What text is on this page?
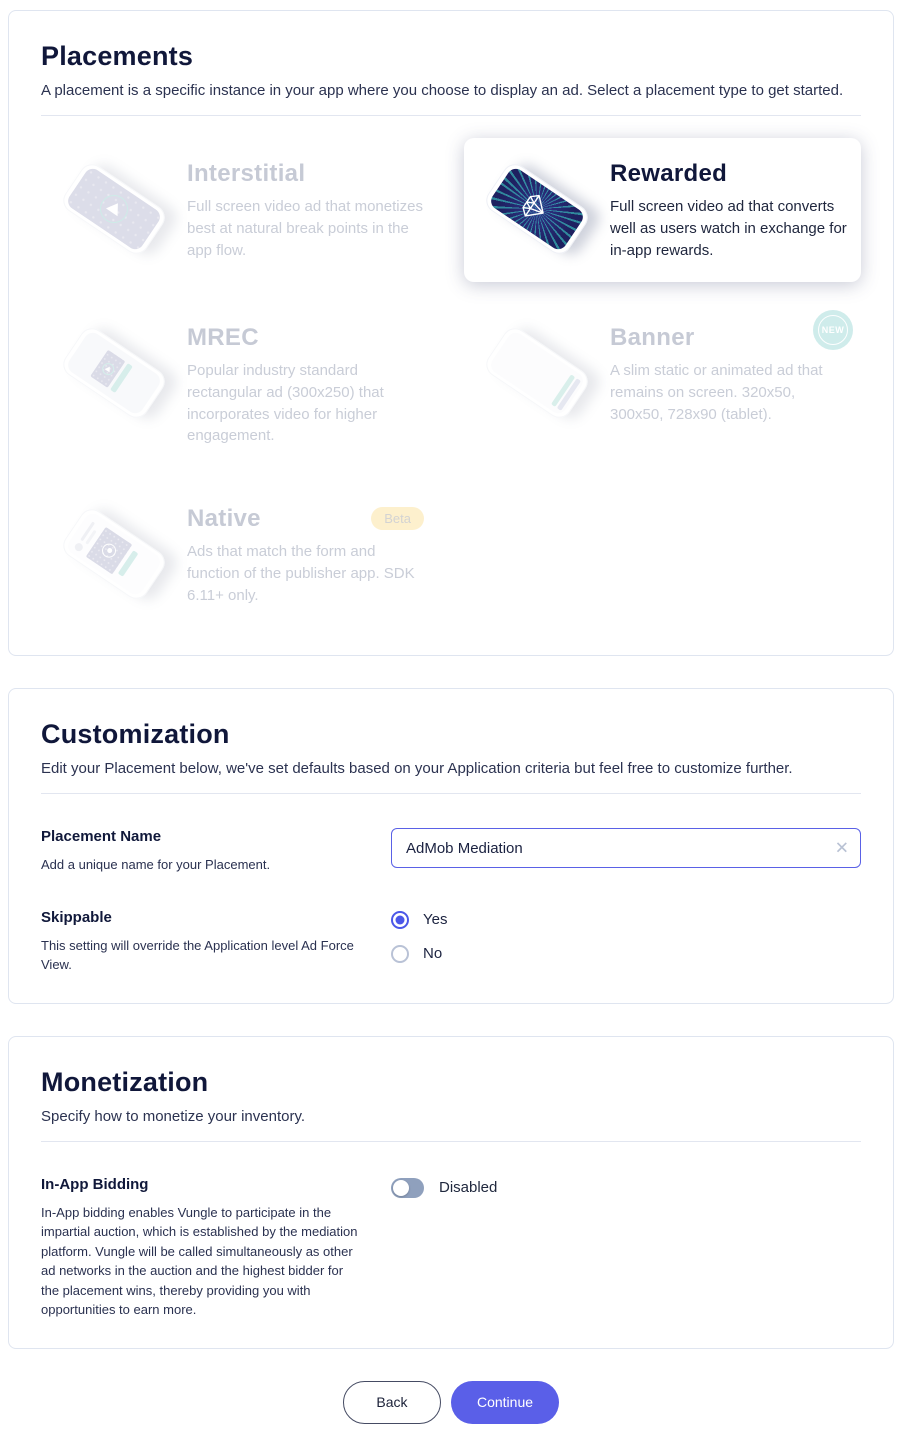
Placements

A placement is a specific instance in your app where you choose to display an ad. Select a placement type to get started.

Interstitial
Full screen video ad that monetizes best at natural break points in the app flow.
Rewarded
Full screen video ad that converts well as users watch in exchange for in-app rewards.
MREC
Popular industry standard rectangular ad (300x250) that incorporates video for higher engagement.
Banner
A slim static or animated ad that remains on screen. 320x50, 300x50, 728x90 (tablet).
NEW
Native
Ads that match the form and function of the publisher app. SDK 6.11+ only.
Beta
Customization

Edit your Placement below, we've set defaults based on your Application criteria but feel free to customize further.

Placement Name
Add a unique name for your Placement.
AdMob Mediation
✕
Skippable
This setting will override the Application level Ad Force View.
Yes
No
Monetization

Specify how to monetize your inventory.

In-App Bidding
In-App bidding enables Vungle to participate in the impartial auction, which is established by the mediation platform. Vungle will be called simultaneously as other ad networks in the auction and the highest bidder for the placement wins, thereby providing you with opportunities to earn more.
Disabled
Back	Continue
